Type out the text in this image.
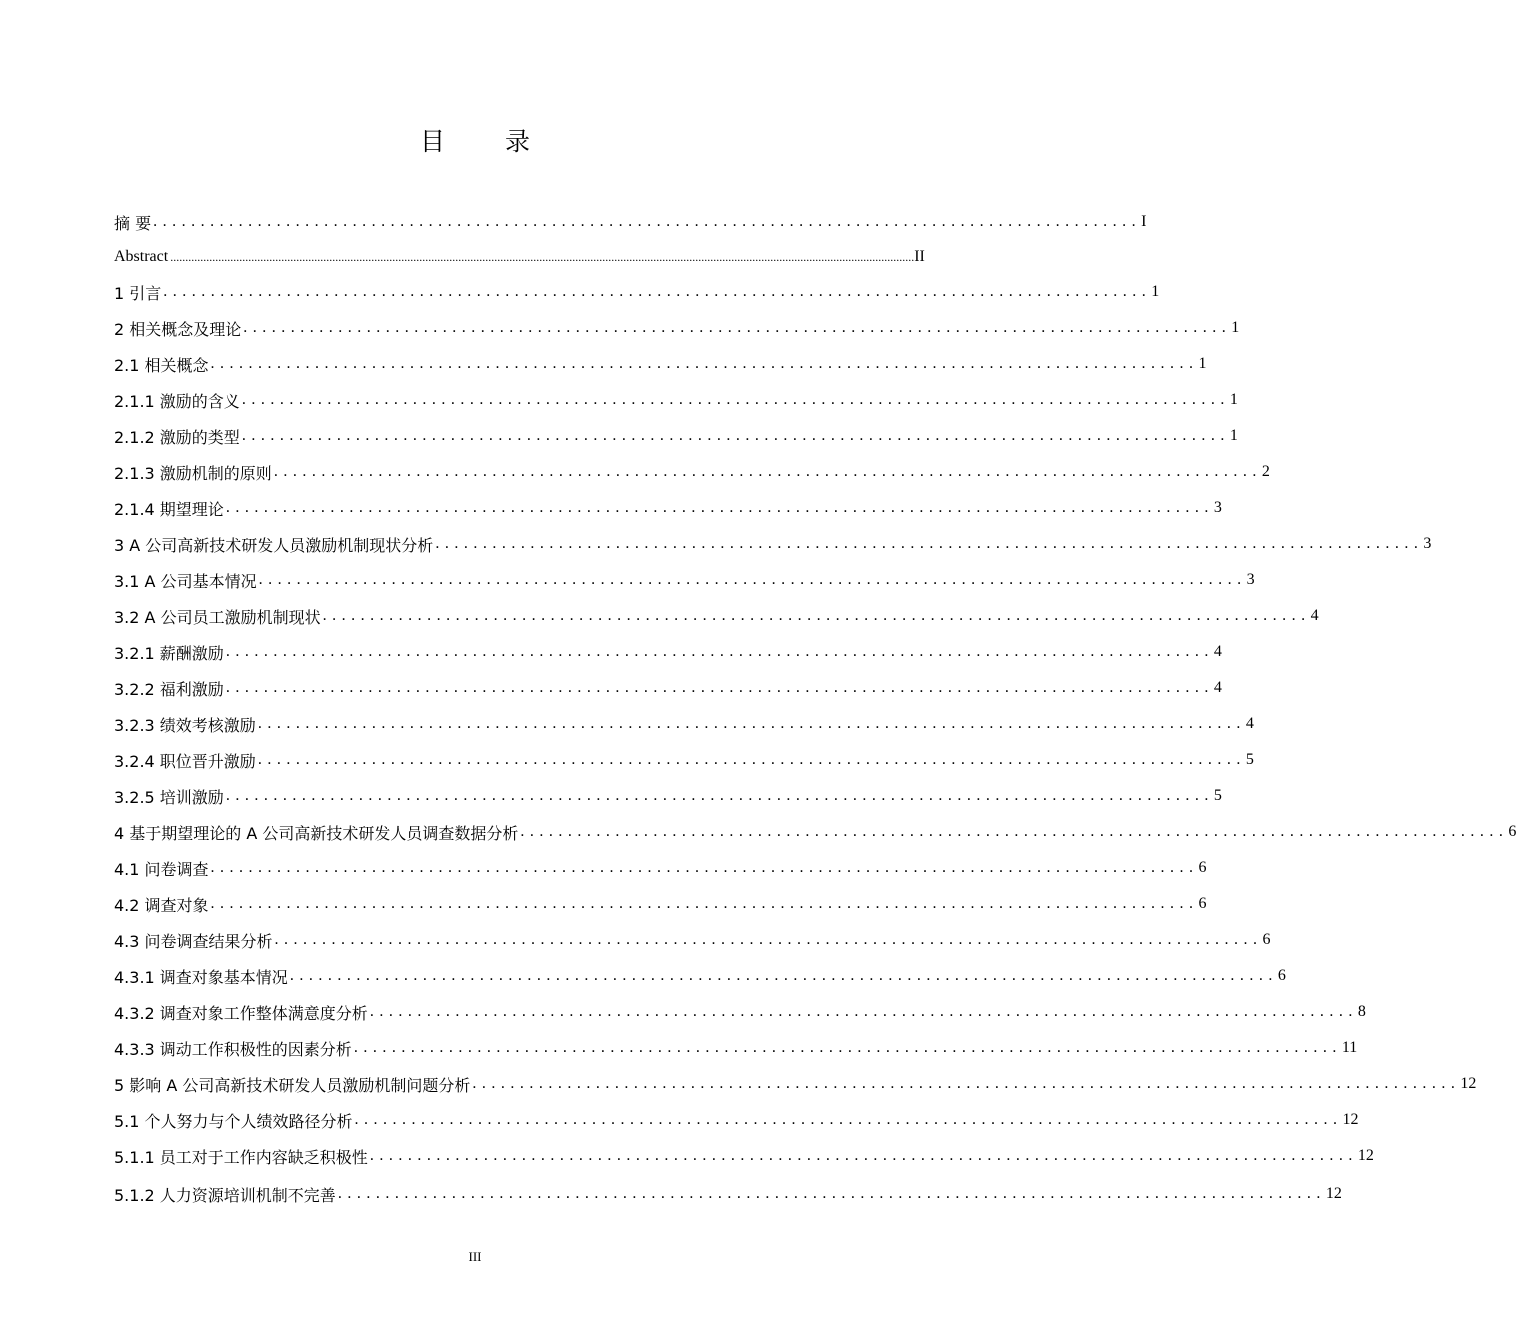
目 录
摘 要 ........................................................................................................ I
Abstract ........................................................................................................................................................................................................................................................ II
1 引言 ........................................................................................................ 1
2 相关概念及理论 ........................................................................................................ 1
2.1 相关概念 ........................................................................................................ 1
2.1.1 激励的含义 ........................................................................................................ 1
2.1.2 激励的类型 ........................................................................................................ 1
2.1.3 激励机制的原则 ........................................................................................................ 2
2.1.4 期望理论 ........................................................................................................ 3
3 A 公司高新技术研发人员激励机制现状分析 ........................................................................................................ 3
3.1 A 公司基本情况 ........................................................................................................ 3
3.2 A 公司员工激励机制现状 ........................................................................................................ 4
3.2.1 薪酬激励 ........................................................................................................ 4
3.2.2 福利激励 ........................................................................................................ 4
3.2.3 绩效考核激励 ........................................................................................................ 4
3.2.4 职位晋升激励 ........................................................................................................ 5
3.2.5 培训激励 ........................................................................................................ 5
4 基于期望理论的 A 公司高新技术研发人员调查数据分析 ........................................................................................................ 6
4.1 问卷调查 ........................................................................................................ 6
4.2 调查对象 ........................................................................................................ 6
4.3 问卷调查结果分析 ........................................................................................................ 6
4.3.1 调查对象基本情况 ........................................................................................................ 6
4.3.2 调查对象工作整体满意度分析 ........................................................................................................ 8
4.3.3 调动工作积极性的因素分析 ........................................................................................................ 11
5 影响 A 公司高新技术研发人员激励机制问题分析 ........................................................................................................ 12
5.1 个人努力与个人绩效路径分析 ........................................................................................................ 12
5.1.1 员工对于工作内容缺乏积极性 ........................................................................................................ 12
5.1.2 人力资源培训机制不完善 ........................................................................................................ 12
III
